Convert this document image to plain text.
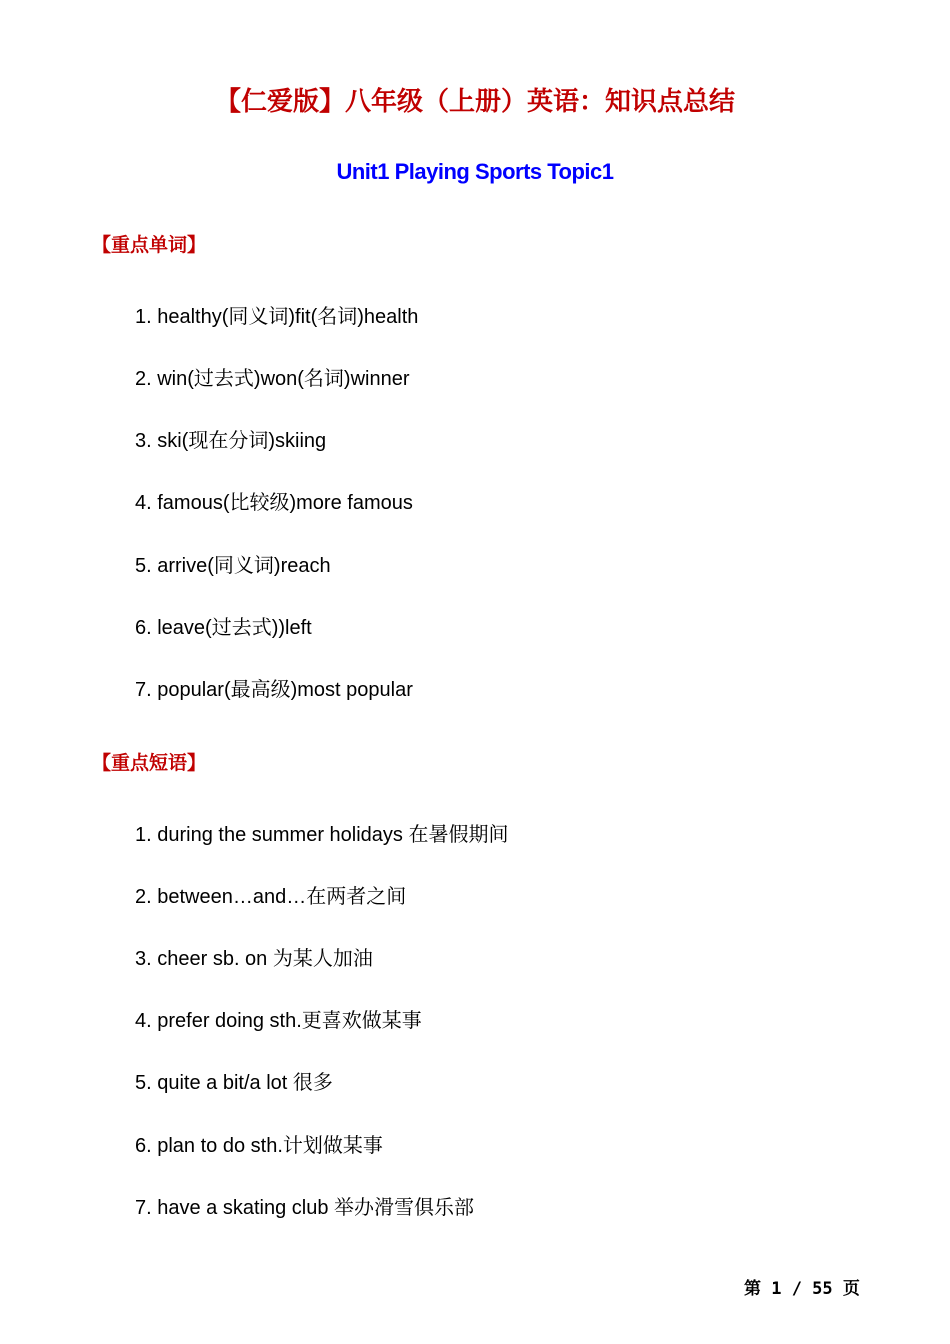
【仁爱版】八年级（上册）英语：知识点总结
Unit1 Playing Sports Topic1
【重点单词】
1. healthy(同义词)fit(名词)health
2. win(过去式)won(名词)winner
3. ski(现在分词)skiing
4. famous(比较级)more famous
5. arrive(同义词)reach
6. leave(过去式))left
7. popular(最高级)most popular
【重点短语】
1. during the summer holidays 在暑假期间
2. between…and…在两者之间
3. cheer sb. on 为某人加油
4. prefer doing sth.更喜欢做某事
5. quite a bit/a lot 很多
6. plan to do sth.计划做某事
7. have a skating club 举办滑雪俱乐部
第 1 / 55 页
